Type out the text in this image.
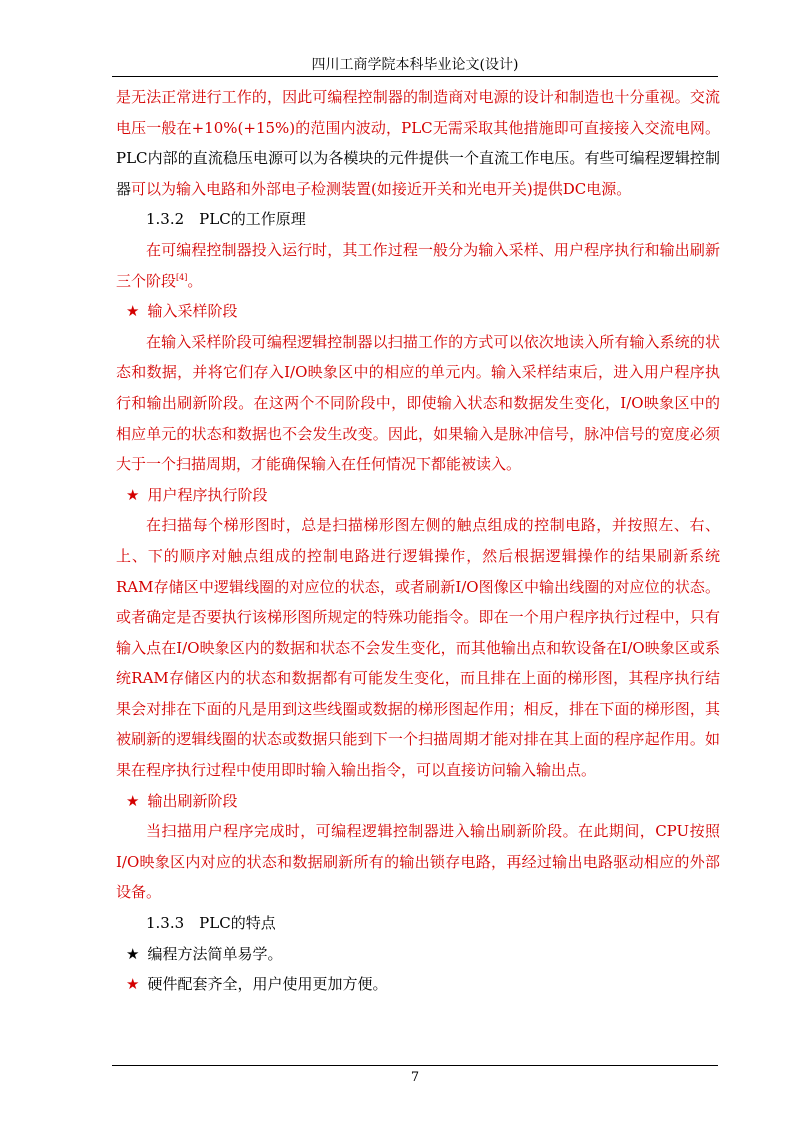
四川工商学院本科毕业论文(设计)

是无法正常进行工作的，因此可编程控制器的制造商对电源的设计和制造也十分重视。交流电压一般在+10%(+15%)的范围内波动，PLC无需采取其他措施即可直接接入交流电网。PLC内部的直流稳压电源可以为各模块的元件提供一个直流工作电压。有些可编程逻辑控制器可以为输入电路和外部电子检测装置(如接近开关和光电开关)提供DC电源。

1.3.2　PLC的工作原理

在可编程控制器投入运行时，其工作过程一般分为输入采样、用户程序执行和输出刷新三个阶段[4]。

★ 输入采样阶段

在输入采样阶段可编程逻辑控制器以扫描工作的方式可以依次地读入所有输入系统的状态和数据，并将它们存入I/O映象区中的相应的单元内。输入采样结束后，进入用户程序执行和输出刷新阶段。在这两个不同阶段中，即使输入状态和数据发生变化，I/O映象区中的相应单元的状态和数据也不会发生改变。因此，如果输入是脉冲信号，脉冲信号的宽度必须大于一个扫描周期，才能确保输入在任何情况下都能被读入。

★ 用户程序执行阶段

在扫描每个梯形图时，总是扫描梯形图左侧的触点组成的控制电路，并按照左、右、上、下的顺序对触点组成的控制电路进行逻辑操作，然后根据逻辑操作的结果刷新系统RAM存储区中逻辑线圈的对应位的状态，或者刷新I/O图像区中输出线圈的对应位的状态。或者确定是否要执行该梯形图所规定的特殊功能指令。即在一个用户程序执行过程中，只有输入点在I/O映象区内的数据和状态不会发生变化，而其他输出点和软设备在I/O映象区或系统RAM存储区内的状态和数据都有可能发生变化，而且排在上面的梯形图，其程序执行结果会对排在下面的凡是用到这些线圈或数据的梯形图起作用；相反，排在下面的梯形图，其被刷新的逻辑线圈的状态或数据只能到下一个扫描周期才能对排在其上面的程序起作用。如果在程序执行过程中使用即时输入输出指令，可以直接访问输入输出点。

★ 输出刷新阶段

当扫描用户程序完成时，可编程逻辑控制器进入输出刷新阶段。在此期间，CPU按照I/O映象区内对应的状态和数据刷新所有的输出锁存电路，再经过输出电路驱动相应的外部设备。

1.3.3　PLC的特点

★ 编程方法简单易学。

★ 硬件配套齐全，用户使用更加方便。

7
